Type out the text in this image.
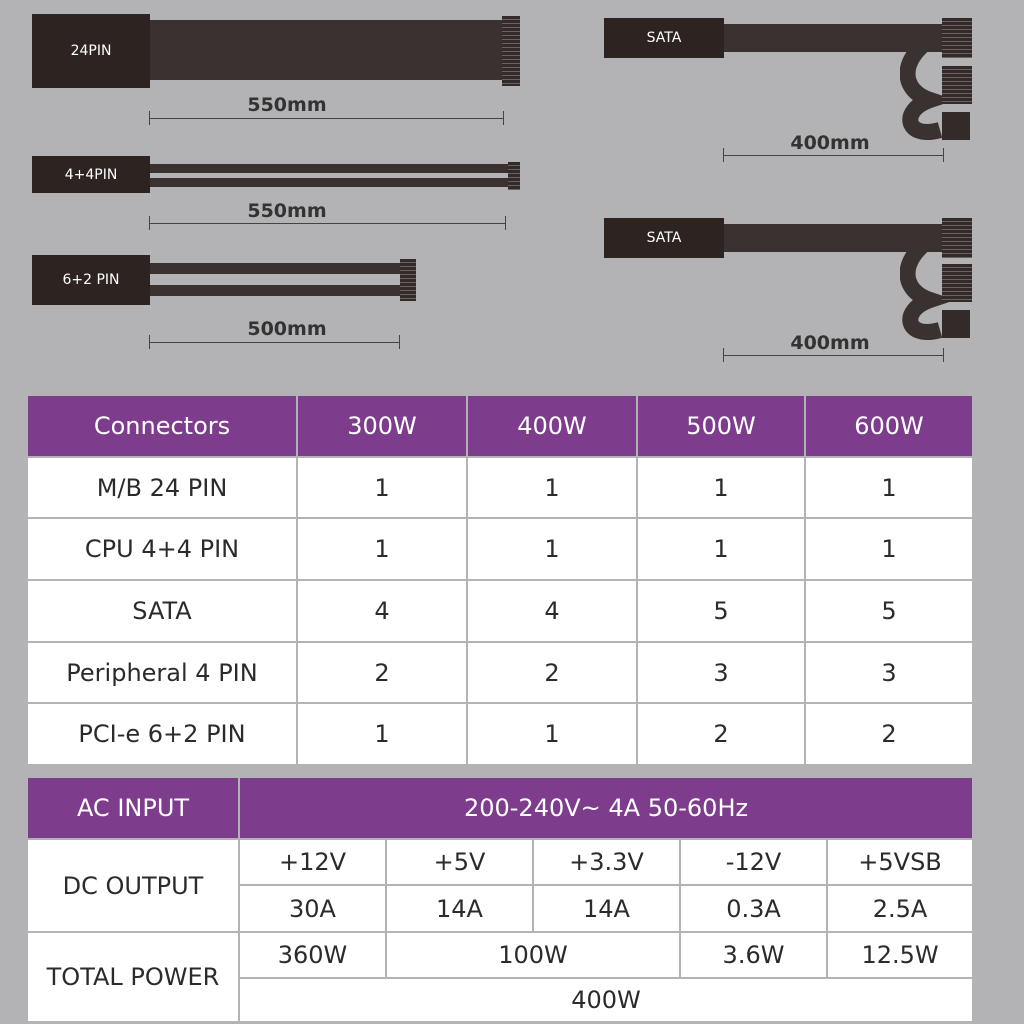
24PIN
550mm
4+4PIN
550mm
6+2 PIN
500mm
SATA
400mm
SATA
400mm
Connectors	300W	400W	500W	600W
M/B 24 PIN	1	1	1	1
CPU 4+4 PIN	1	1	1	1
SATA	4	4	5	5
Peripheral 4 PIN	2	2	3	3
PCI-e 6+2 PIN	1	1	2	2
AC INPUT	200-240V~ 4A 50-60Hz				
DC OUTPUT	+12V	+5V	+3.3V	-12V	+5VSB
	30A	14A	14A	0.3A	2.5A
TOTAL POWER	360W	100W		3.6W	12.5W
	400W				
